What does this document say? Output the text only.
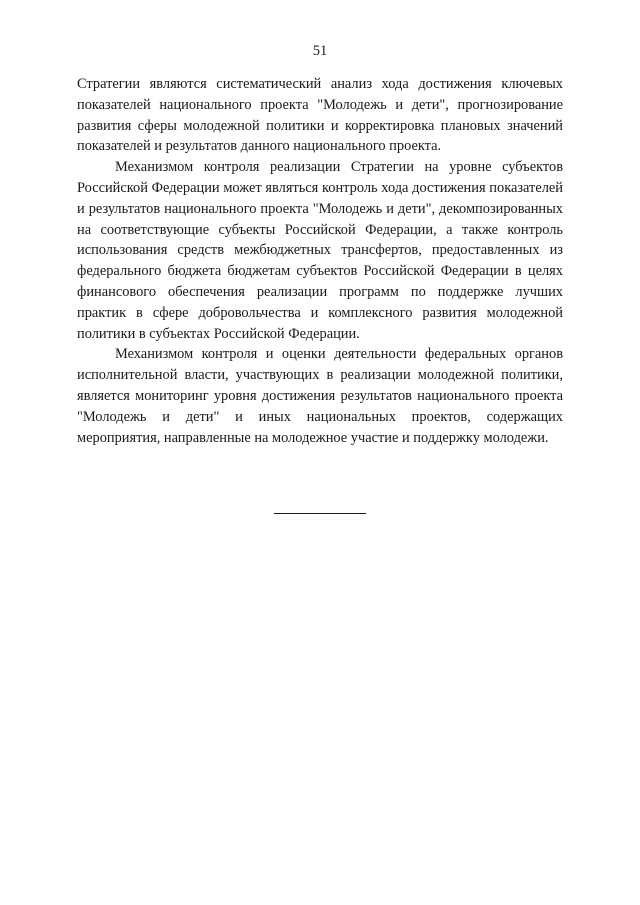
51

Стратегии являются систематический анализ хода достижения ключевых показателей национального проекта "Молодежь и дети", прогнозирование развития сферы молодежной политики и корректировка плановых значений показателей и результатов данного национального проекта.

Механизмом контроля реализации Стратегии на уровне субъектов Российской Федерации может являться контроль хода достижения показателей и результатов национального проекта "Молодежь и дети", декомпозированных на соответствующие субъекты Российской Федерации, а также контроль использования средств межбюджетных трансфертов, предоставленных из федерального бюджета бюджетам субъектов Российской Федерации в целях финансового обеспечения реализации программ по поддержке лучших практик в сфере добровольчества и комплексного развития молодежной политики в субъектах Российской Федерации.

Механизмом контроля и оценки деятельности федеральных органов исполнительной власти, участвующих в реализации молодежной политики, является мониторинг уровня достижения результатов национального проекта "Молодежь и дети" и иных национальных проектов, содержащих мероприятия, направленные на молодежное участие и поддержку молодежи.
